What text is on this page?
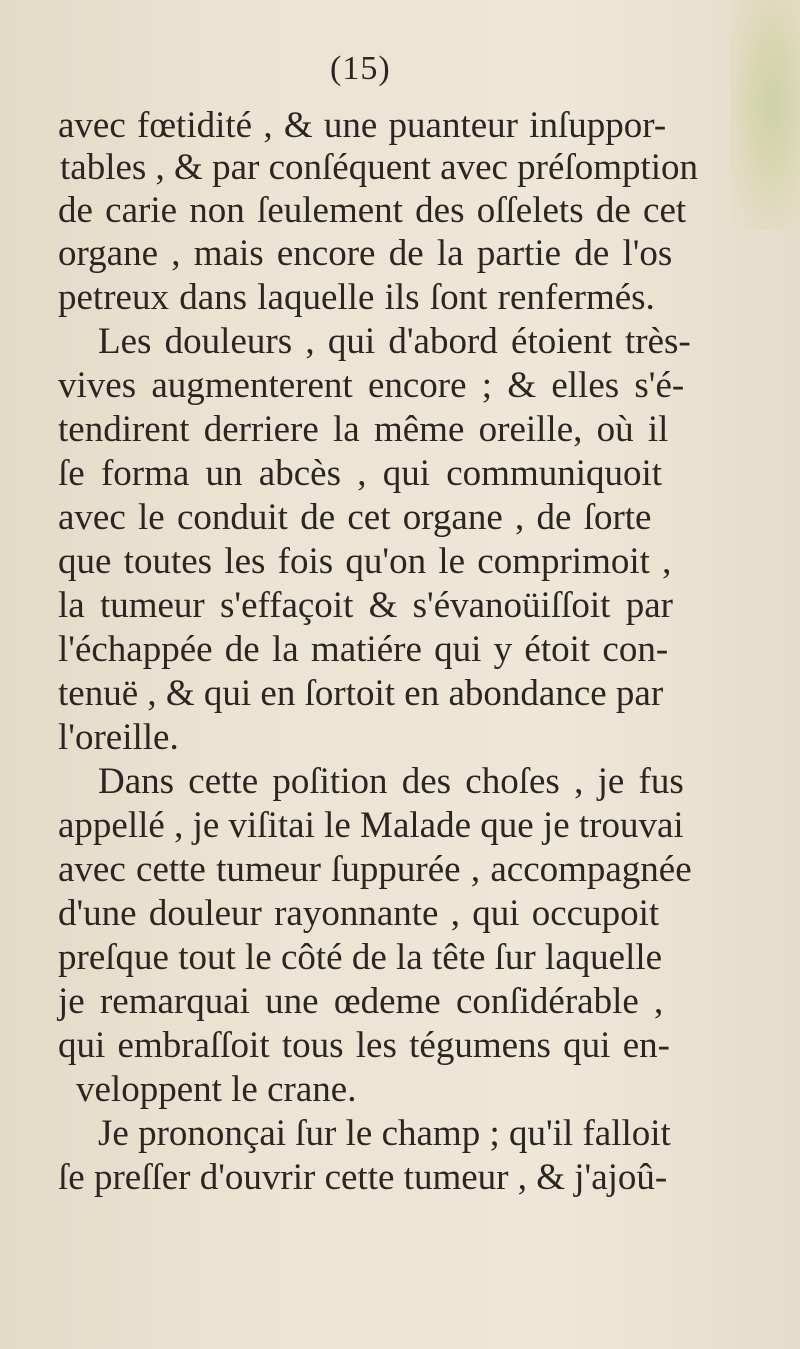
(15)
avec fœtidité , & une puanteur inſuppor-
tables , & par conſéquent avec préſomption
de carie non ſeulement des oſſelets de cet
organe , mais encore de la partie de l'os
petreux dans laquelle ils ſont renfermés.
Les douleurs , qui d'abord étoient très-
vives augmenterent encore ; & elles s'é-
tendirent derriere la même oreille, où il
ſe forma un abcès , qui communiquoit
avec le conduit de cet organe , de ſorte
que toutes les fois qu'on le comprimoit ,
la tumeur s'effaçoit & s'évanoüiſſoit par
l'échappée de la matiére qui y étoit con-
tenuë , & qui en ſortoit en abondance par
l'oreille.
Dans cette poſition des choſes , je fus
appellé , je viſitai le Malade que je trouvai
avec cette tumeur ſuppurée , accompagnée
d'une douleur rayonnante , qui occupoit
preſque tout le côté de la tête ſur laquelle
je remarquai une œdeme conſidérable ,
qui embraſſoit tous les tégumens qui en-
veloppent le crane.
Je prononçai ſur le champ ; qu'il falloit
ſe preſſer d'ouvrir cette tumeur , & j'ajoû-
